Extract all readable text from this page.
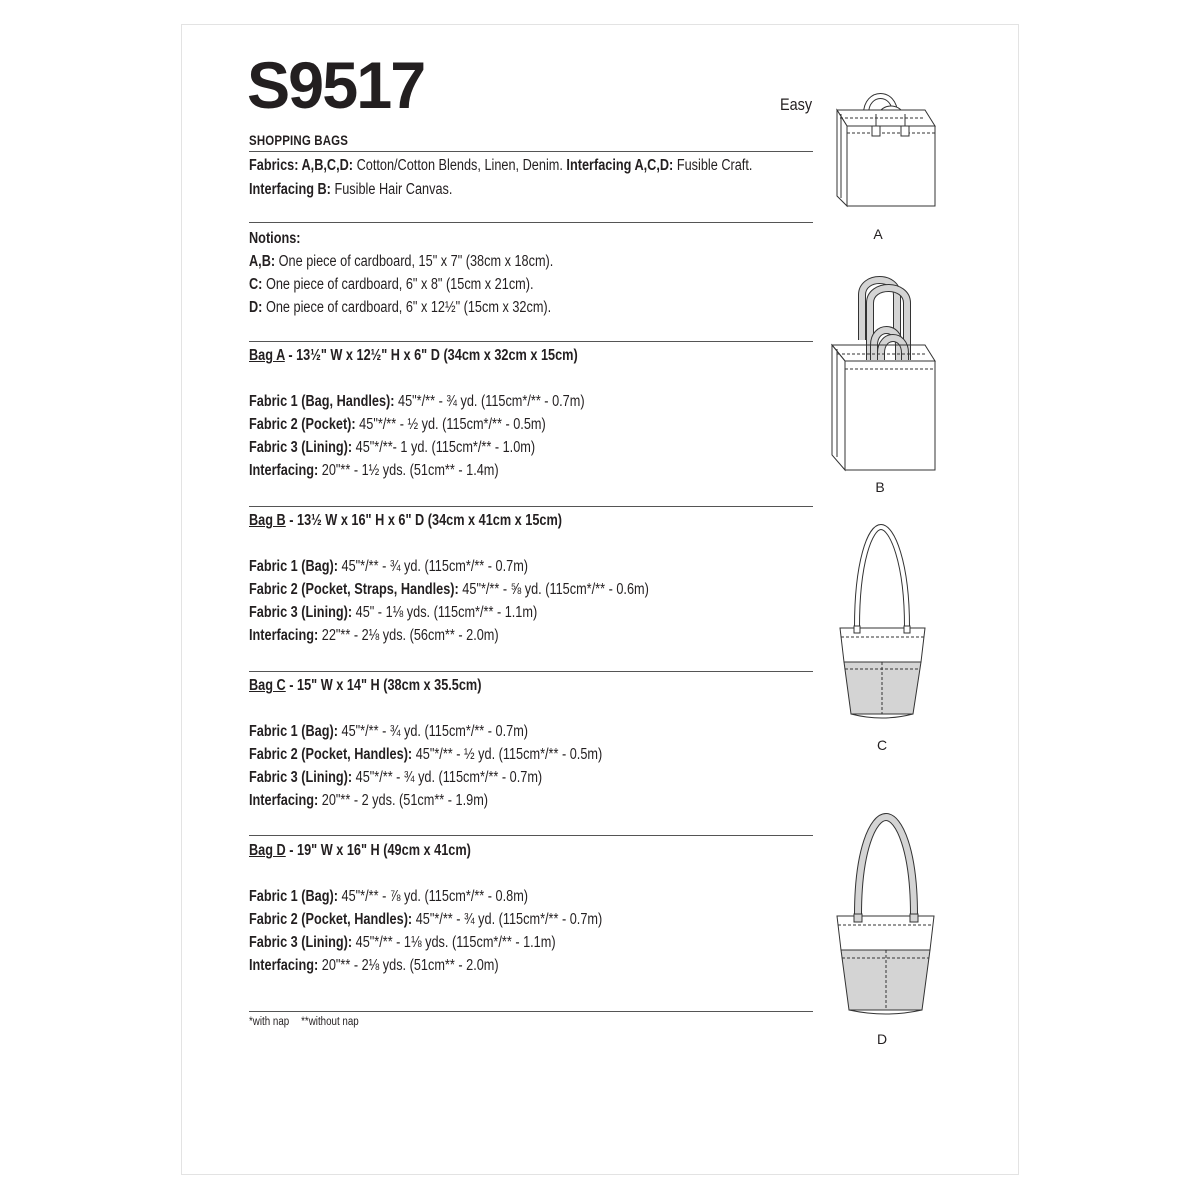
S9517	Easy
SHOPPING BAGS
Fabrics: A,B,C,D: Cotton/Cotton Blends, Linen, Denim. Interfacing A,C,D: Fusible Craft.
Interfacing B: Fusible Hair Canvas.
Notions:
A,B: One piece of cardboard, 15" x 7" (38cm x 18cm).
C: One piece of cardboard, 6" x 8" (15cm x 21cm).
D: One piece of cardboard, 6" x 12½" (15cm x 32cm).
Bag A - 13½" W x 12½" H x 6" D (34cm x 32cm x 15cm)
Fabric 1 (Bag, Handles): 45"*/** - ¾ yd. (115cm*/** - 0.7m)
Fabric 2 (Pocket): 45"*/** - ½ yd. (115cm*/** - 0.5m)
Fabric 3 (Lining): 45"*/**- 1 yd. (115cm*/** - 1.0m)
Interfacing: 20"** - 1½ yds. (51cm** - 1.4m)
Bag B - 13½ W x 16" H x 6" D (34cm x 41cm x 15cm)
Fabric 1 (Bag): 45"*/** - ¾ yd. (115cm*/** - 0.7m)
Fabric 2 (Pocket, Straps, Handles): 45"*/** - ⅝ yd. (115cm*/** - 0.6m)
Fabric 3 (Lining): 45" - 1⅛ yds. (115cm*/** - 1.1m)
Interfacing: 22"** - 2⅛ yds. (56cm** - 2.0m)
Bag C - 15" W x 14" H (38cm x 35.5cm)
Fabric 1 (Bag): 45"*/** - ¾ yd. (115cm*/** - 0.7m)
Fabric 2 (Pocket, Handles): 45"*/** - ½ yd. (115cm*/** - 0.5m)
Fabric 3 (Lining): 45"*/** - ¾ yd. (115cm*/** - 0.7m)
Interfacing: 20"** - 2 yds. (51cm** - 1.9m)
Bag D - 19" W x 16" H (49cm x 41cm)
Fabric 1 (Bag): 45"*/** - ⅞ yd. (115cm*/** - 0.8m)
Fabric 2 (Pocket, Handles): 45"*/** - ¾ yd. (115cm*/** - 0.7m)
Fabric 3 (Lining): 45"*/** - 1⅛ yds. (115cm*/** - 1.1m)
Interfacing: 20"** - 2⅛ yds. (51cm** - 2.0m)
*with nap **without nap
A
B
C
D
